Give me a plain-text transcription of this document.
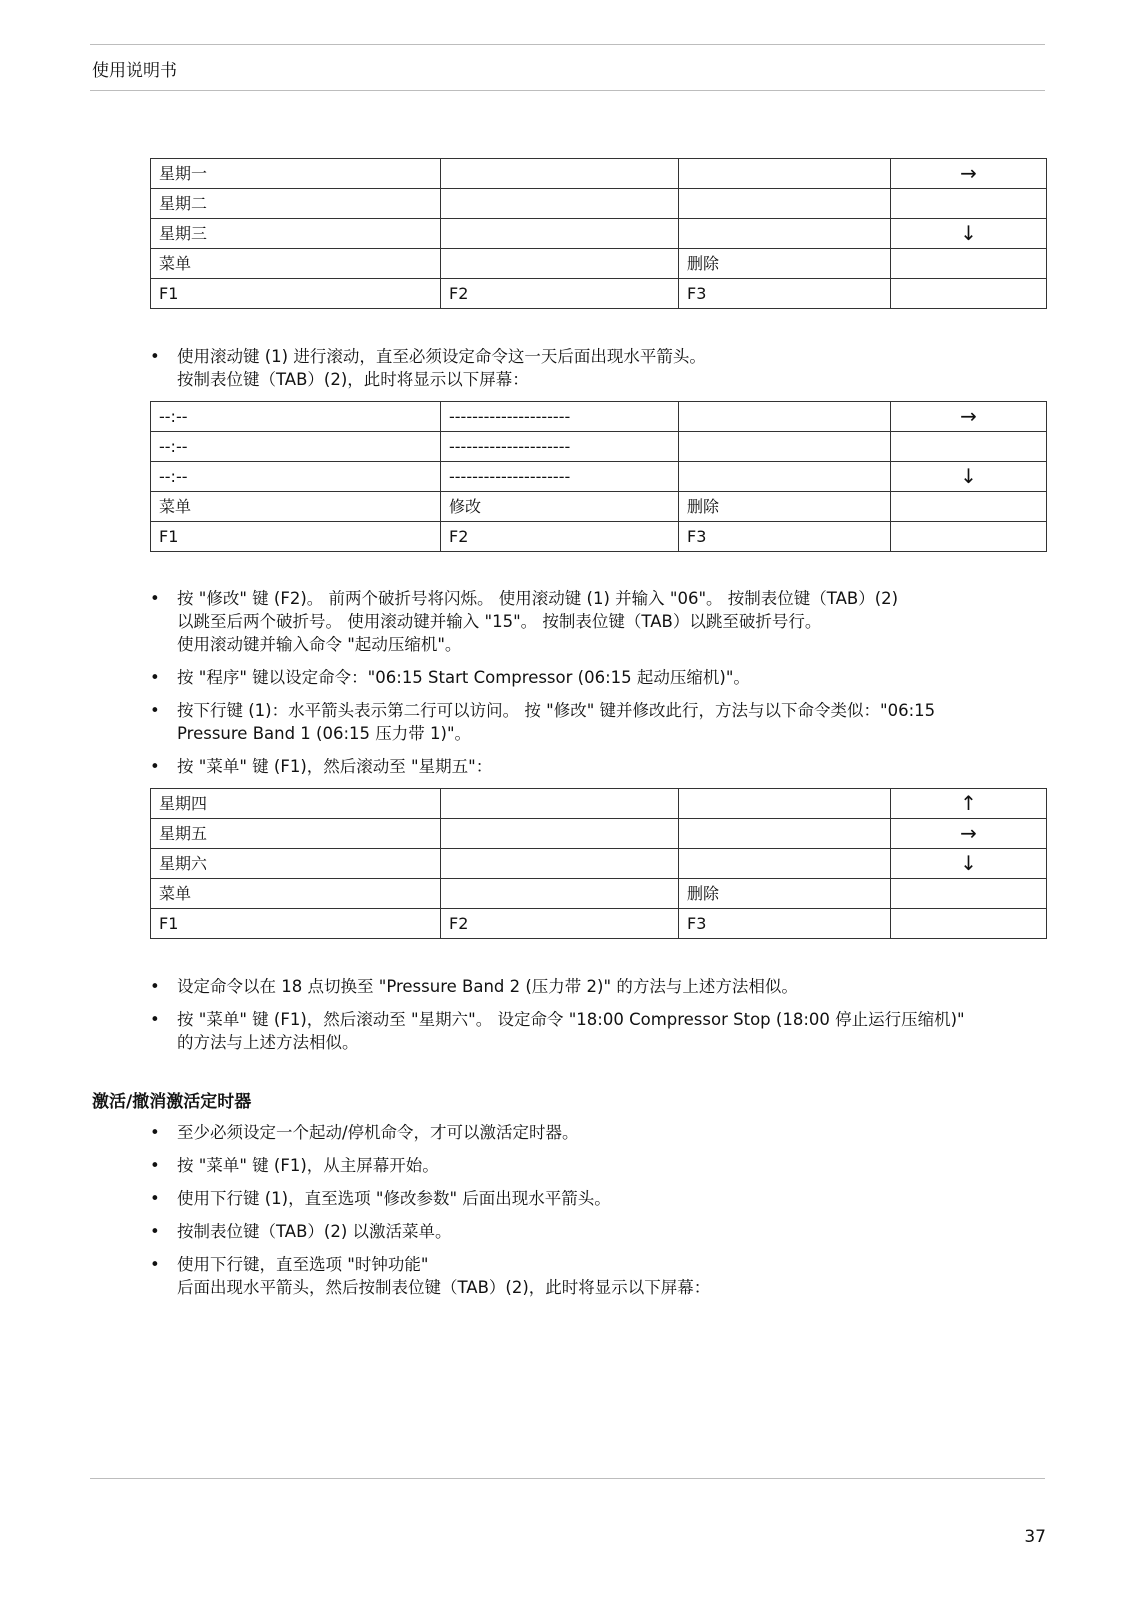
使用说明书
星期一			→
星期二			
星期三			↓
菜单		删除	
F1	F2	F3	
• 使用滚动键 (1) 进行滚动，直至必须设定命令这一天后面出现水平箭头。
按制表位键（TAB）(2)，此时将显示以下屏幕：
--:--	---------------------		→
--:--	---------------------		
--:--	---------------------		↓
菜单	修改	删除	
F1	F2	F3	
• 按 "修改" 键 (F2)。 前两个破折号将闪烁。 使用滚动键 (1) 并输入 "06"。 按制表位键（TAB）(2)
以跳至后两个破折号。 使用滚动键并输入 "15"。 按制表位键（TAB）以跳至破折号行。
使用滚动键并输入命令 "起动压缩机"。
• 按 "程序" 键以设定命令："06:15 Start Compressor (06:15 起动压缩机)"。
• 按下行键 (1)：水平箭头表示第二行可以访问。 按 "修改" 键并修改此行，方法与以下命令类似："06:15
Pressure Band 1 (06:15 压力带 1)"。
• 按 "菜单" 键 (F1)，然后滚动至 "星期五"：
星期四			↑
星期五			→
星期六			↓
菜单		删除	
F1	F2	F3	
• 设定命令以在 18 点切换至 "Pressure Band 2 (压力带 2)" 的方法与上述方法相似。
• 按 "菜单" 键 (F1)，然后滚动至 "星期六"。 设定命令 "18:00 Compressor Stop (18:00 停止运行压缩机)"
的方法与上述方法相似。
激活/撤消激活定时器
• 至少必须设定一个起动/停机命令，才可以激活定时器。
• 按 "菜单" 键 (F1)，从主屏幕开始。
• 使用下行键 (1)，直至选项 "修改参数" 后面出现水平箭头。
• 按制表位键（TAB）(2) 以激活菜单。
• 使用下行键，直至选项 "时钟功能"
后面出现水平箭头，然后按制表位键（TAB）(2)，此时将显示以下屏幕：
37
